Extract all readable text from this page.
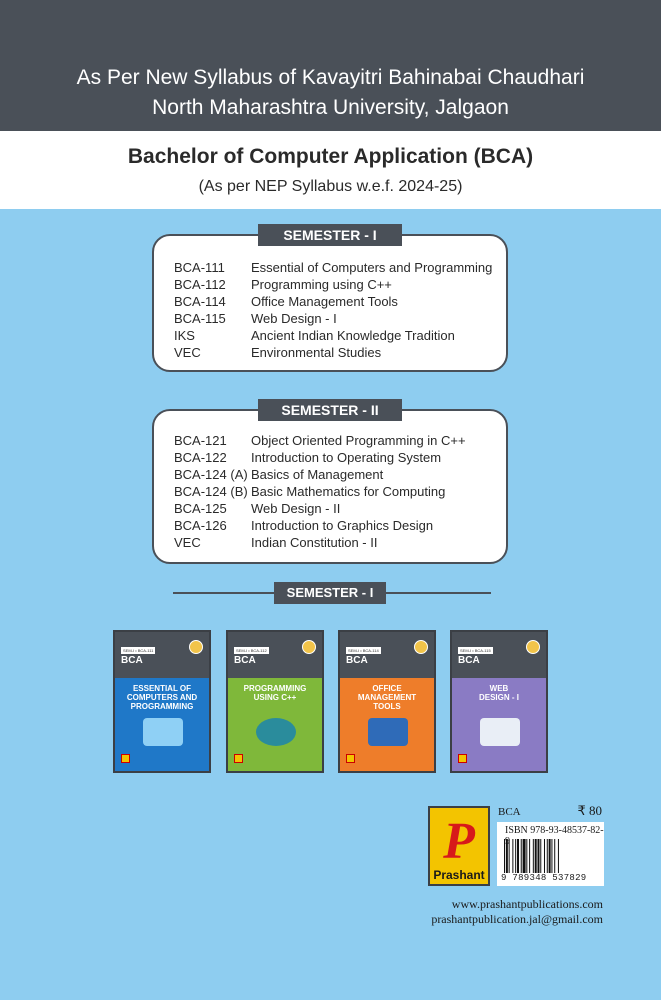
As Per New Syllabus of Kavayitri Bahinabai Chaudhari
North Maharashtra University, Jalgaon
Bachelor of Computer Application (BCA)
(As per NEP Syllabus w.e.f. 2024-25)
SEMESTER - I
BCA-111 Essential of Computers and Programming
BCA-112 Programming using C++
BCA-114 Office Management Tools
BCA-115 Web Design - I
IKS	Ancient Indian Knowledge Tradition
VEC	Environmental Studies
SEMESTER - II
BCA-121 Object Oriented Programming in C++
BCA-122 Introduction to Operating System
BCA-124 (A) Basics of Management
BCA-124 (B) Basic Mathematics for Computing
BCA-125 Web Design - II
BCA-126 Introduction to Graphics Design
VEC	Indian Constitution - II
SEMESTER - I
SEM-I • BCA-111
BCA
ESSENTIAL OF
COMPUTERS AND
PROGRAMMING
SEM-I • BCA-112
BCA
PROGRAMMING
USING C++
SEM-I • BCA-114
BCA
OFFICE
MANAGEMENT
TOOLS
SEM-I • BCA-115
BCA
WEB
DESIGN - I
P
Prashant
BCA	₹ 80
ISBN 978-93-48537-82-
9 789348 537829
www.prashantpublications.com
prashantpublication.jal@gmail.com
